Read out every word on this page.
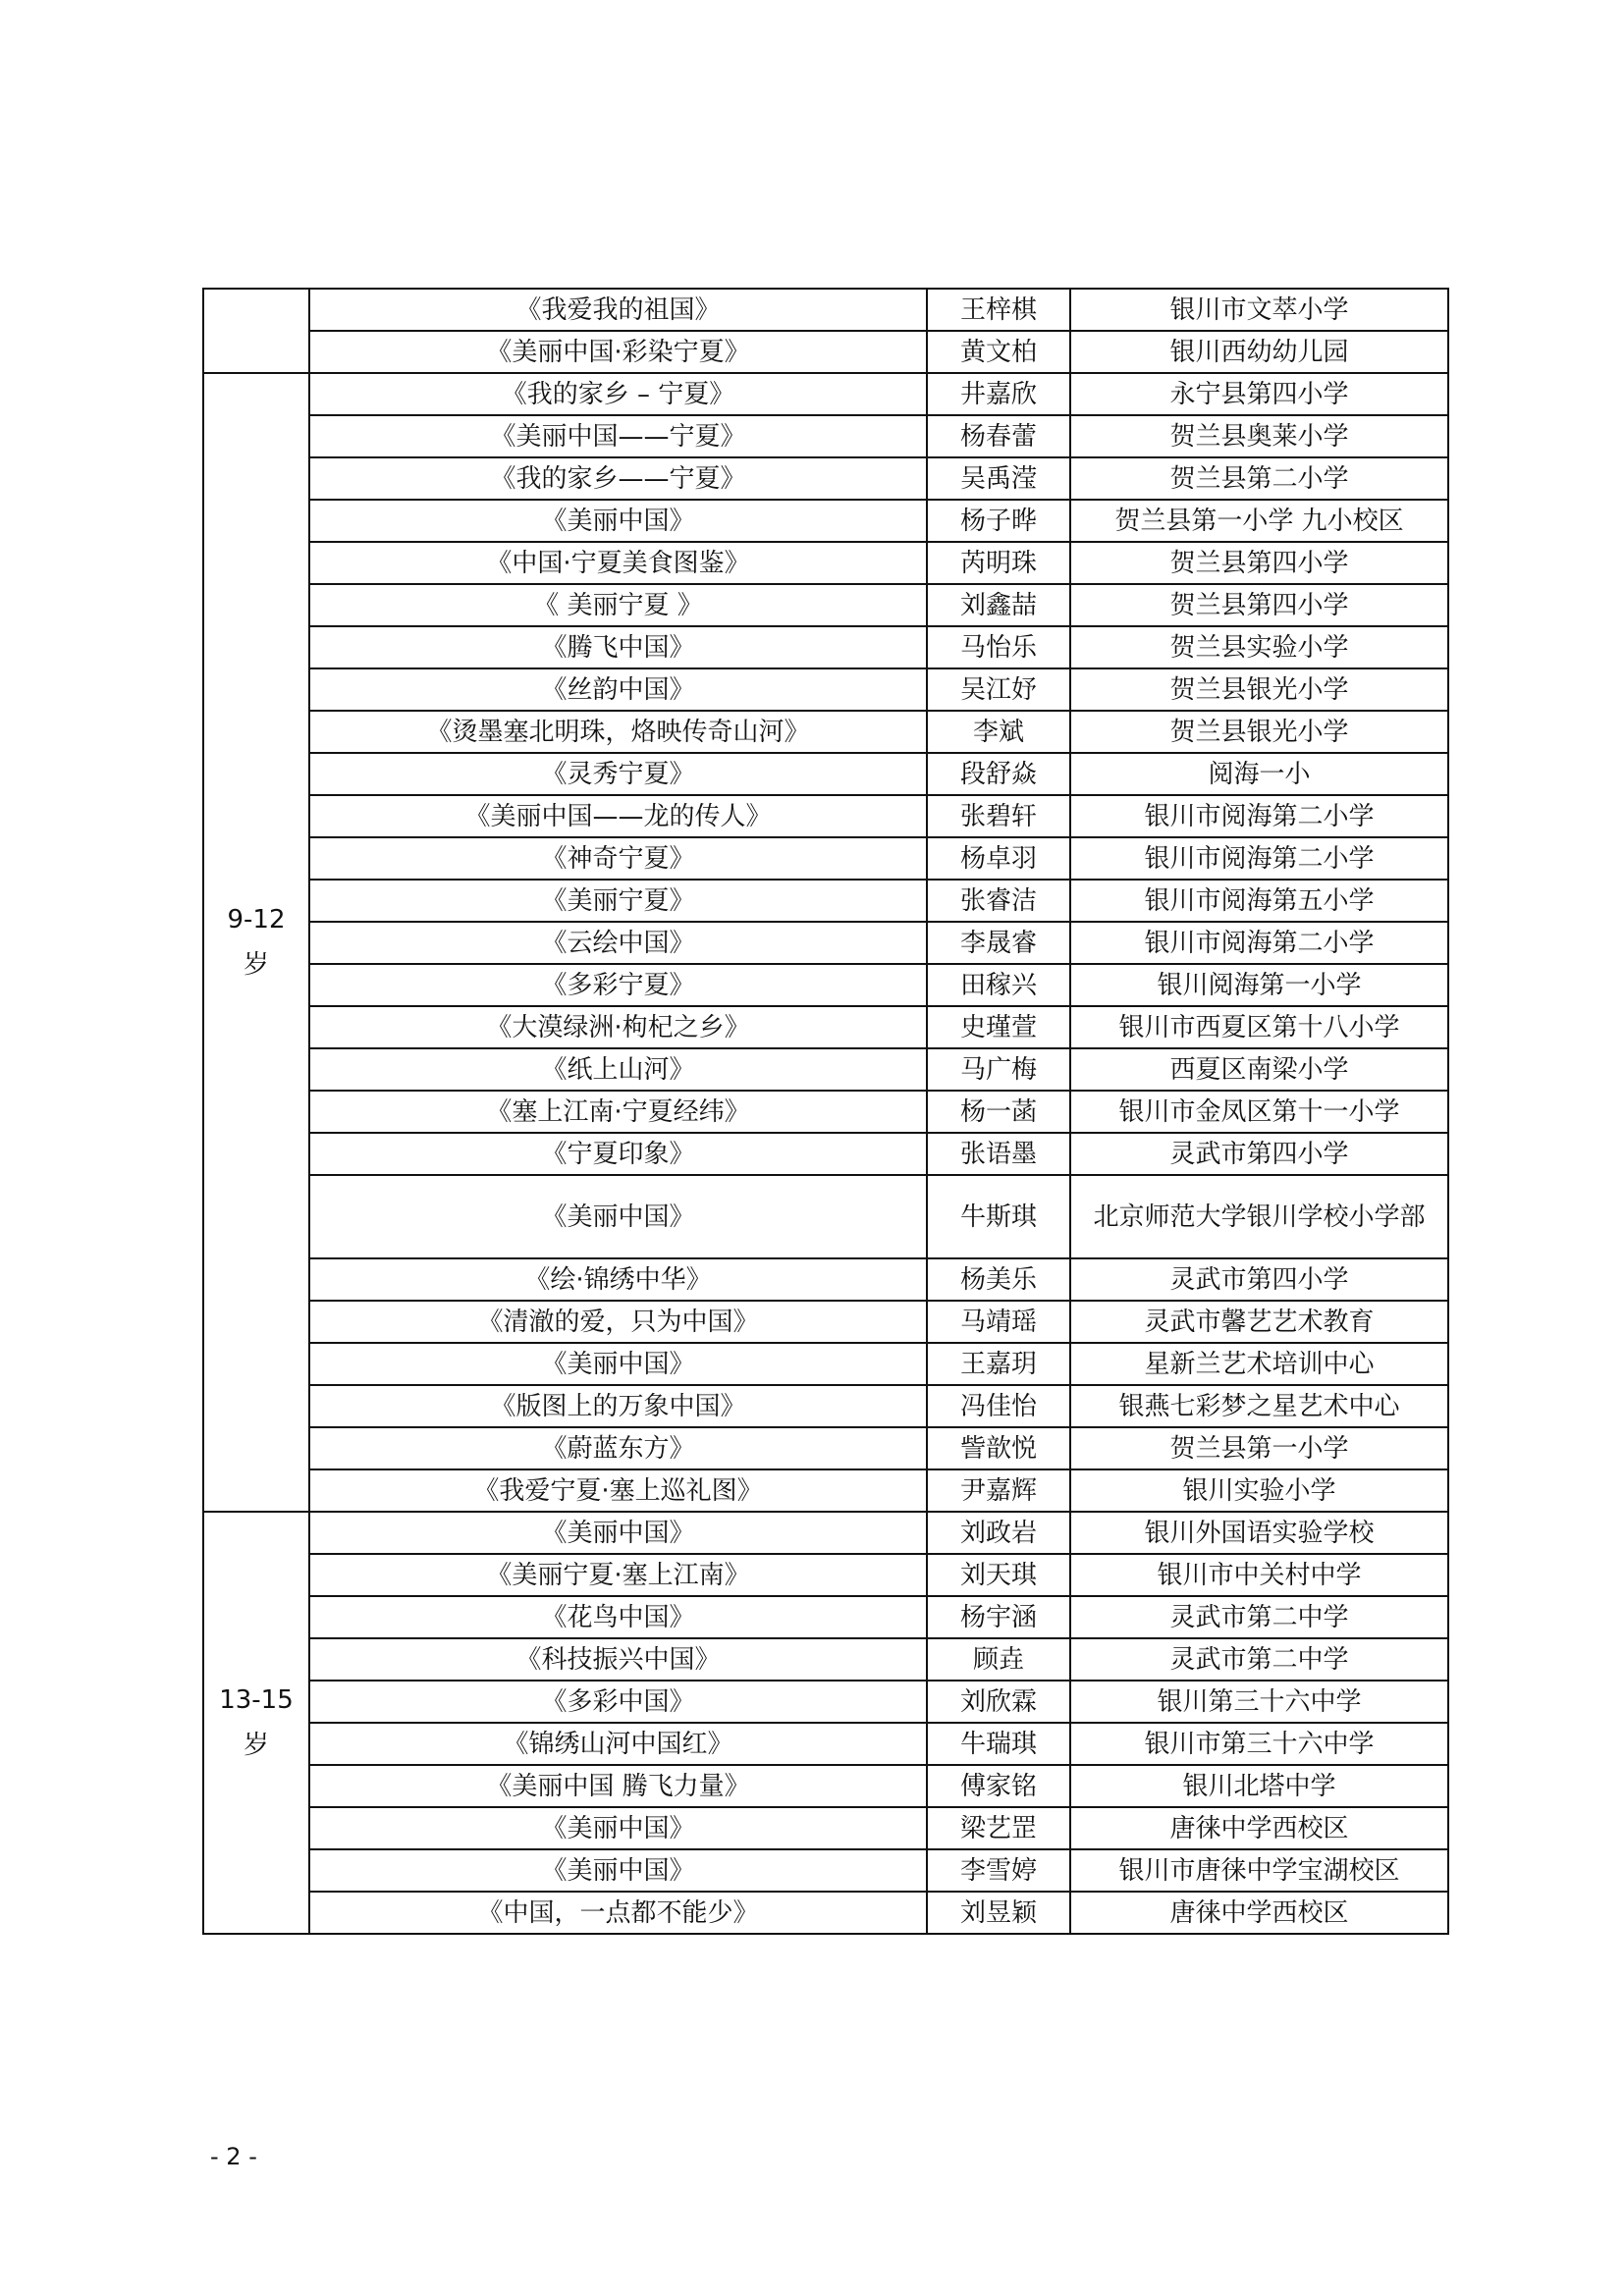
	《我爱我的祖国》	王梓棋	银川市文萃小学
	《美丽中国·彩染宁夏》	黄文柏	银川西幼幼儿园

9-12
岁	《我的家乡 – 宁夏》	井嘉欣	永宁县第四小学
	《美丽中国——宁夏》	杨春蕾	贺兰县奥莱小学
	《我的家乡——宁夏》	吴禹滢	贺兰县第二小学
	《美丽中国》	杨子晔	贺兰县第一小学 九小校区
	《中国·宁夏美食图鉴》	芮明珠	贺兰县第四小学
	《 美丽宁夏 》	刘鑫喆	贺兰县第四小学
	《腾飞中国》	马怡乐	贺兰县实验小学
	《丝韵中国》	吴江妤	贺兰县银光小学
	《烫墨塞北明珠，烙映传奇山河》	李斌	贺兰县银光小学
	《灵秀宁夏》	段舒焱	阅海一小
	《美丽中国——龙的传人》	张碧轩	银川市阅海第二小学
	《神奇宁夏》	杨卓羽	银川市阅海第二小学
	《美丽宁夏》	张睿洁	银川市阅海第五小学
	《云绘中国》	李晟睿	银川市阅海第二小学
	《多彩宁夏》	田稼兴	银川阅海第一小学
	《大漠绿洲·枸杞之乡》	史瑾萱	银川市西夏区第十八小学
	《纸上山河》	马广梅	西夏区南梁小学
	《塞上江南·宁夏经纬》	杨一菡	银川市金凤区第十一小学
	《宁夏印象》	张语墨	灵武市第四小学
	《美丽中国》	牛斯琪	北京师范大学银川学校小学部
	《绘·锦绣中华》	杨美乐	灵武市第四小学
	《清澈的爱，只为中国》	马靖瑶	灵武市馨艺艺术教育
	《美丽中国》	王嘉玥	星新兰艺术培训中心
	《版图上的万象中国》	冯佳怡	银燕七彩梦之星艺术中心
	《蔚蓝东方》	訾歆悦	贺兰县第一小学
	《我爱宁夏·塞上巡礼图》	尹嘉辉	银川实验小学

13-15
岁	《美丽中国》	刘政岩	银川外国语实验学校
	《美丽宁夏·塞上江南》	刘天琪	银川市中关村中学
	《花鸟中国》	杨宇涵	灵武市第二中学
	《科技振兴中国》	顾垚	灵武市第二中学
	《多彩中国》	刘欣霖	银川第三十六中学
	《锦绣山河中国红》	牛瑞琪	银川市第三十六中学
	《美丽中国 腾飞力量》	傅家铭	银川北塔中学
	《美丽中国》	梁艺罡	唐徕中学西校区
	《美丽中国》	李雪婷	银川市唐徕中学宝湖校区
	《中国，一点都不能少》	刘昱颖	唐徕中学西校区
- 2 -
